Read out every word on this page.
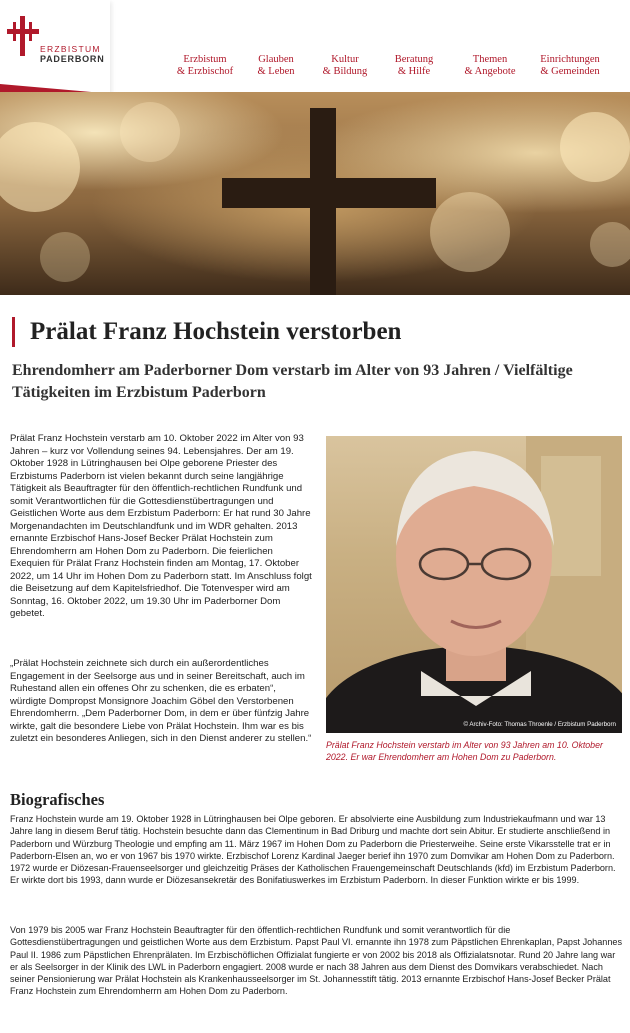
ERZBISTUM
PADERBORN	Erzbistum
& Erzbischof
Glauben
& Leben
Kultur
& Bildung
Beratung
& Hilfe
Themen
& Angebote
Einrichtungen
& Gemeinden
Prälat Franz Hochstein verstorben
Ehrendomherr am Paderborner Dom verstarb im Alter von 93 Jahren / Vielfältige Tätigkeiten im Erzbistum Paderborn

Prälat Franz Hochstein verstarb am 10. Oktober 2022 im Alter von 93 Jahren – kurz vor Vollendung seines 94. Lebensjahres. Der am 19. Oktober 1928 in Lütringhausen bei Olpe geborene Priester des Erzbistums Paderborn ist vielen bekannt durch seine langjährige Tätigkeit als Beauftragter für den öffentlich-rechtlichen Rundfunk und somit Verantwortlichen für die Gottesdienstübertragungen und Geistlichen Worte aus dem Erzbistum Paderborn: Er hat rund 30 Jahre Morgenandachten im Deutschlandfunk und im WDR gehalten. 2013 ernannte Erzbischof Hans-Josef Becker Prälat Hochstein zum Ehrendomherrn am Hohen Dom zu Paderborn. Die feierlichen Exequien für Prälat Franz Hochstein finden am Montag, 17. Oktober 2022, um 14 Uhr im Hohen Dom zu Paderborn statt. Im Anschluss folgt die Beisetzung auf dem Kapitelsfriedhof. Die Totenvesper wird am Sonntag, 16. Oktober 2022, um 19.30 Uhr im Paderborner Dom gebetet.

„Prälat Hochstein zeichnete sich durch ein außerordentliches Engagement in der Seelsorge aus und in seiner Bereitschaft, auch im Ruhestand allen ein offenes Ohr zu schenken, die es erbaten“, würdigte Dompropst Monsignore Joachim Göbel den Verstorbenen Ehrendomherrn. „Dem Paderborner Dom, in dem er über fünfzig Jahre wirkte, galt die besondere Liebe von Prälat Hochstein. Ihm war es bis zuletzt ein besonderes Anliegen, sich in den Dienst anderer zu stellen.“

© Archiv-Foto: Thomas Throenle / Erzbistum Paderborn
Prälat Franz Hochstein verstarb im Alter von 93 Jahren am 10. Oktober 2022. Er war Ehrendomherr am Hohen Dom zu Paderborn.
Biografisches

Franz Hochstein wurde am 19. Oktober 1928 in Lütringhausen bei Olpe geboren. Er absolvierte eine Ausbildung zum Industriekaufmann und war 13 Jahre lang in diesem Beruf tätig. Hochstein besuchte dann das Clementinum in Bad Driburg und machte dort sein Abitur. Er studierte anschließend in Paderborn und Würzburg Theologie und empfing am 11. März 1967 im Hohen Dom zu Paderborn die Priesterweihe. Seine erste Vikarsstelle trat er in Paderborn-Elsen an, wo er von 1967 bis 1970 wirkte. Erzbischof Lorenz Kardinal Jaeger berief ihn 1970 zum Domvikar am Hohen Dom zu Paderborn. 1972 wurde er Diözesan-Frauenseelsorger und gleichzeitig Präses der Katholischen Frauengemeinschaft Deutschlands (kfd) im Erzbistum Paderborn. Er wirkte dort bis 1993, dann wurde er Diözesansekretär des Bonifatiuswerkes im Erzbistum Paderborn. In dieser Funktion wirkte er bis 1999.

Von 1979 bis 2005 war Franz Hochstein Beauftragter für den öffentlich-rechtlichen Rundfunk und somit verantwortlich für die Gottesdienstübertragungen und geistlichen Worte aus dem Erzbistum. Papst Paul VI. ernannte ihn 1978 zum Päpstlichen Ehrenkaplan, Papst Johannes Paul II. 1986 zum Päpstlichen Ehrenprälaten. Im Erzbischöflichen Offizialat fungierte er von 2002 bis 2018 als Offizialatsnotar. Rund 20 Jahre lang war er als Seelsorger in der Klinik des LWL in Paderborn engagiert. 2008 wurde er nach 38 Jahren aus dem Dienst des Domvikars verabschiedet. Nach seiner Pensionierung war Prälat Hochstein als Krankenhausseelsorger im St. Johannesstift tätig. 2013 ernannte Erzbischof Hans-Josef Becker Prälat Franz Hochstein zum Ehrendomherrn am Hohen Dom zu Paderborn.
